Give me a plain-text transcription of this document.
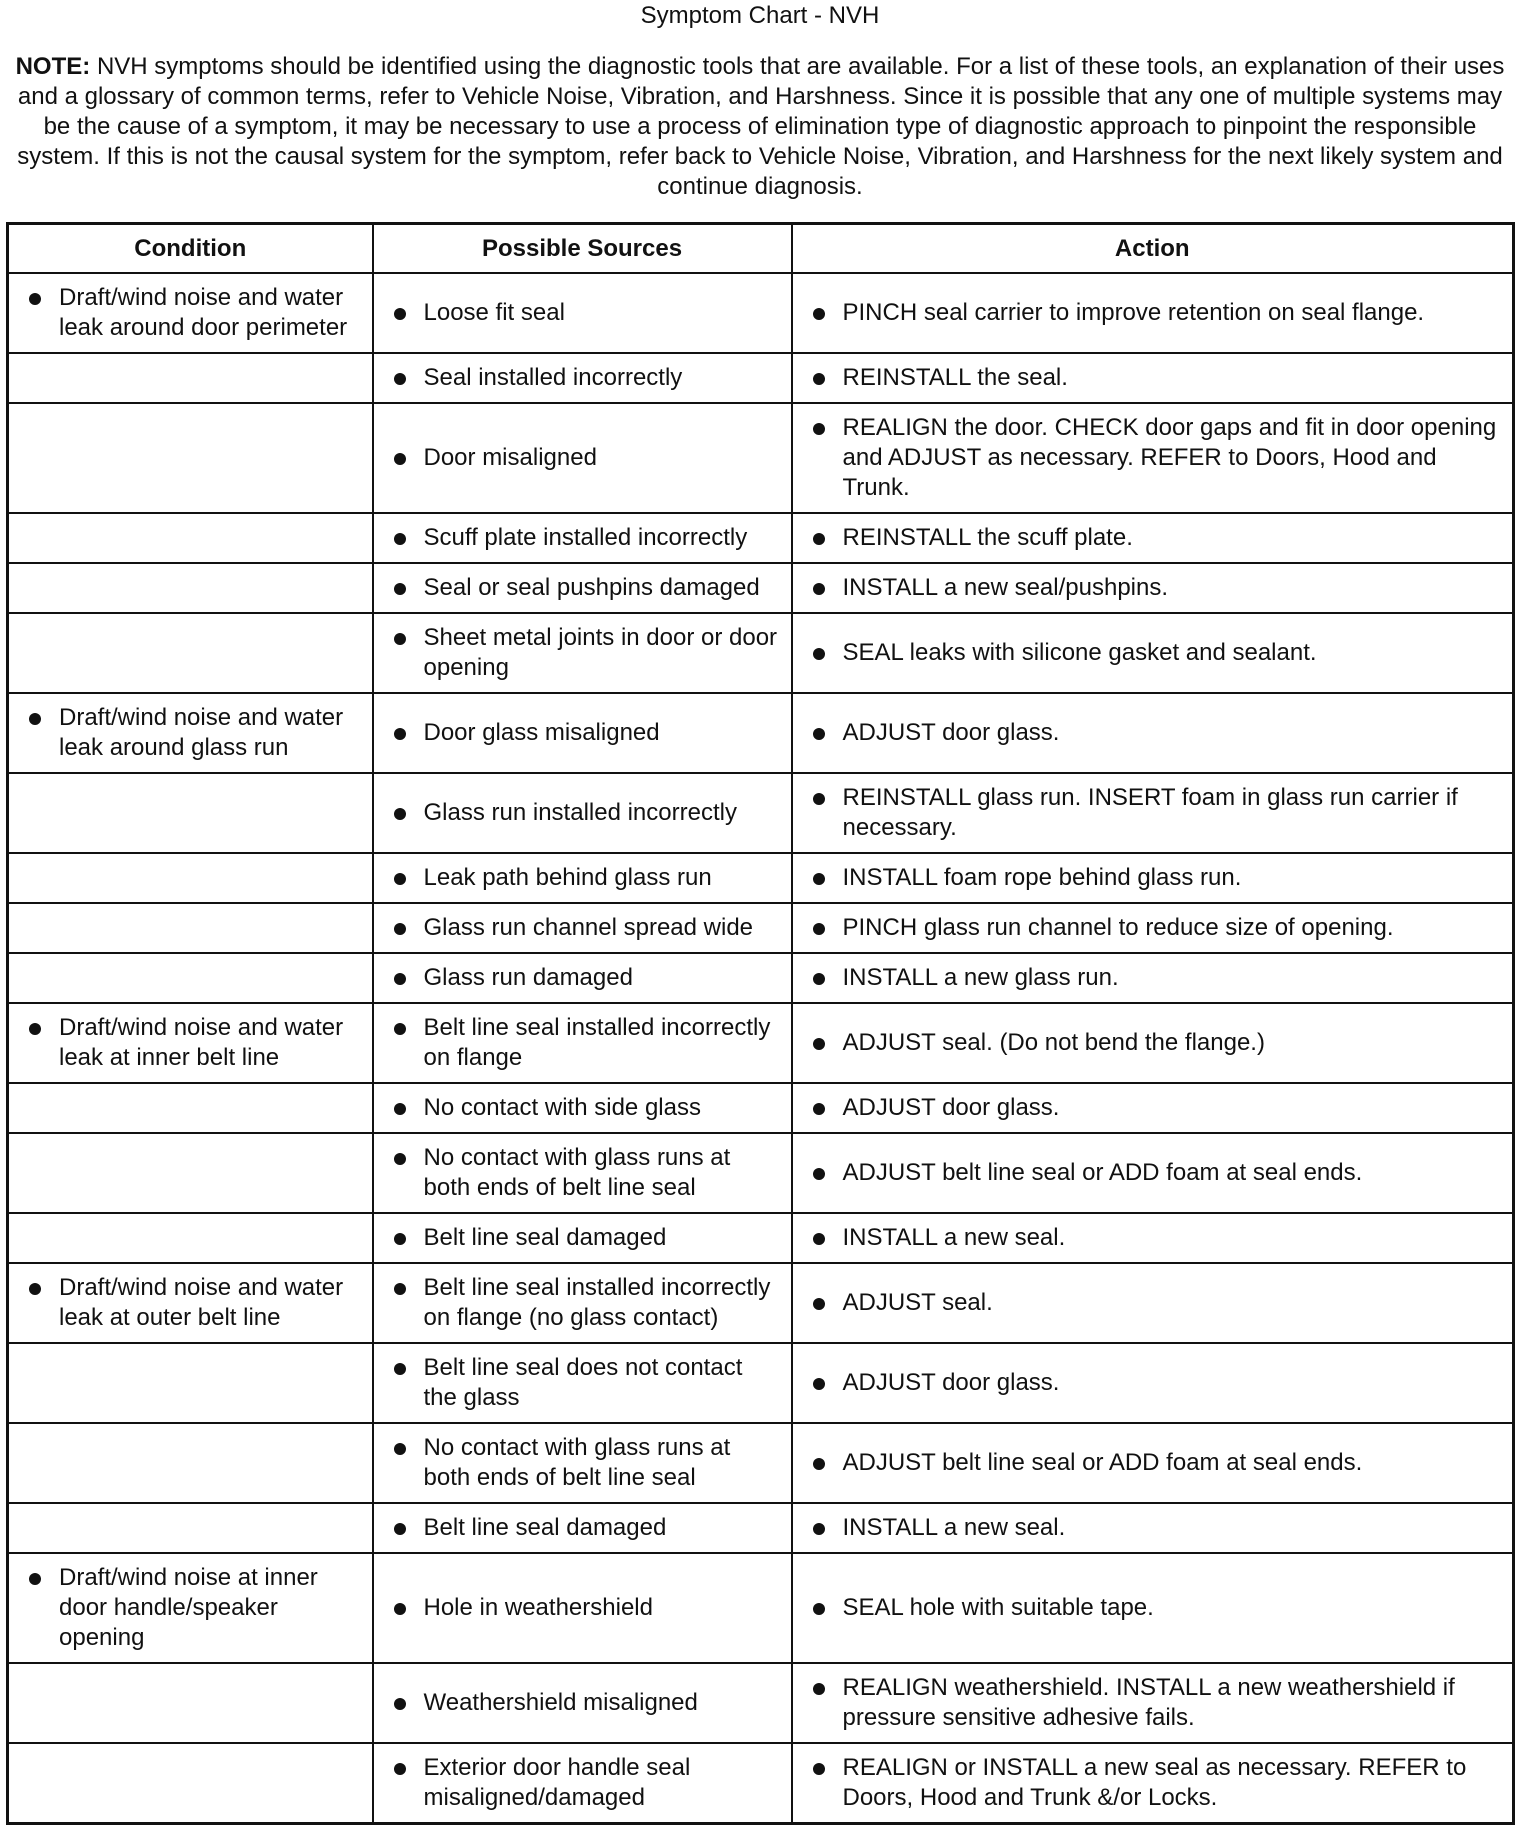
Symptom Chart - NVH
NOTE: NVH symptoms should be identified using the diagnostic tools that are available. For a list of these tools, an explanation of their uses and a glossary of common terms, refer to Vehicle Noise, Vibration, and Harshness. Since it is possible that any one of multiple systems may be the cause of a symptom, it may be necessary to use a process of elimination type of diagnostic approach to pinpoint the responsible system. If this is not the causal system for the symptom, refer back to Vehicle Noise, Vibration, and Harshness for the next likely system and continue diagnosis.
Condition	Possible Sources	Action

Draft/wind noise and water leak around door perimeter	Loose fit seal	PINCH seal carrier to improve retention on seal flange.

	Seal installed incorrectly	REINSTALL the seal.

	Door misaligned	REALIGN the door. CHECK door gaps and fit in door opening and ADJUST as necessary. REFER to Doors, Hood and Trunk.

	Scuff plate installed incorrectly	REINSTALL the scuff plate.

	Seal or seal pushpins damaged	INSTALL a new seal/pushpins.

	Sheet metal joints in door or door opening	SEAL leaks with silicone gasket and sealant.

Draft/wind noise and water leak around glass run	Door glass misaligned	ADJUST door glass.

	Glass run installed incorrectly	REINSTALL glass run. INSERT foam in glass run carrier if necessary.

	Leak path behind glass run	INSTALL foam rope behind glass run.

	Glass run channel spread wide	PINCH glass run channel to reduce size of opening.

	Glass run damaged	INSTALL a new glass run.

Draft/wind noise and water leak at inner belt line	Belt line seal installed incorrectly on flange	ADJUST seal. (Do not bend the flange.)

	No contact with side glass	ADJUST door glass.

	No contact with glass runs at both ends of belt line seal	ADJUST belt line seal or ADD foam at seal ends.

	Belt line seal damaged	INSTALL a new seal.

Draft/wind noise and water leak at outer belt line	Belt line seal installed incorrectly on flange (no glass contact)	ADJUST seal.

	Belt line seal does not contact the glass	ADJUST door glass.

	No contact with glass runs at both ends of belt line seal	ADJUST belt line seal or ADD foam at seal ends.

	Belt line seal damaged	INSTALL a new seal.

Draft/wind noise at inner door handle/speaker opening	Hole in weathershield	SEAL hole with suitable tape.

	Weathershield misaligned	REALIGN weathershield. INSTALL a new weathershield if pressure sensitive adhesive fails.

	Exterior door handle seal misaligned/damaged	REALIGN or INSTALL a new seal as necessary. REFER to Doors, Hood and Trunk &/or Locks.
